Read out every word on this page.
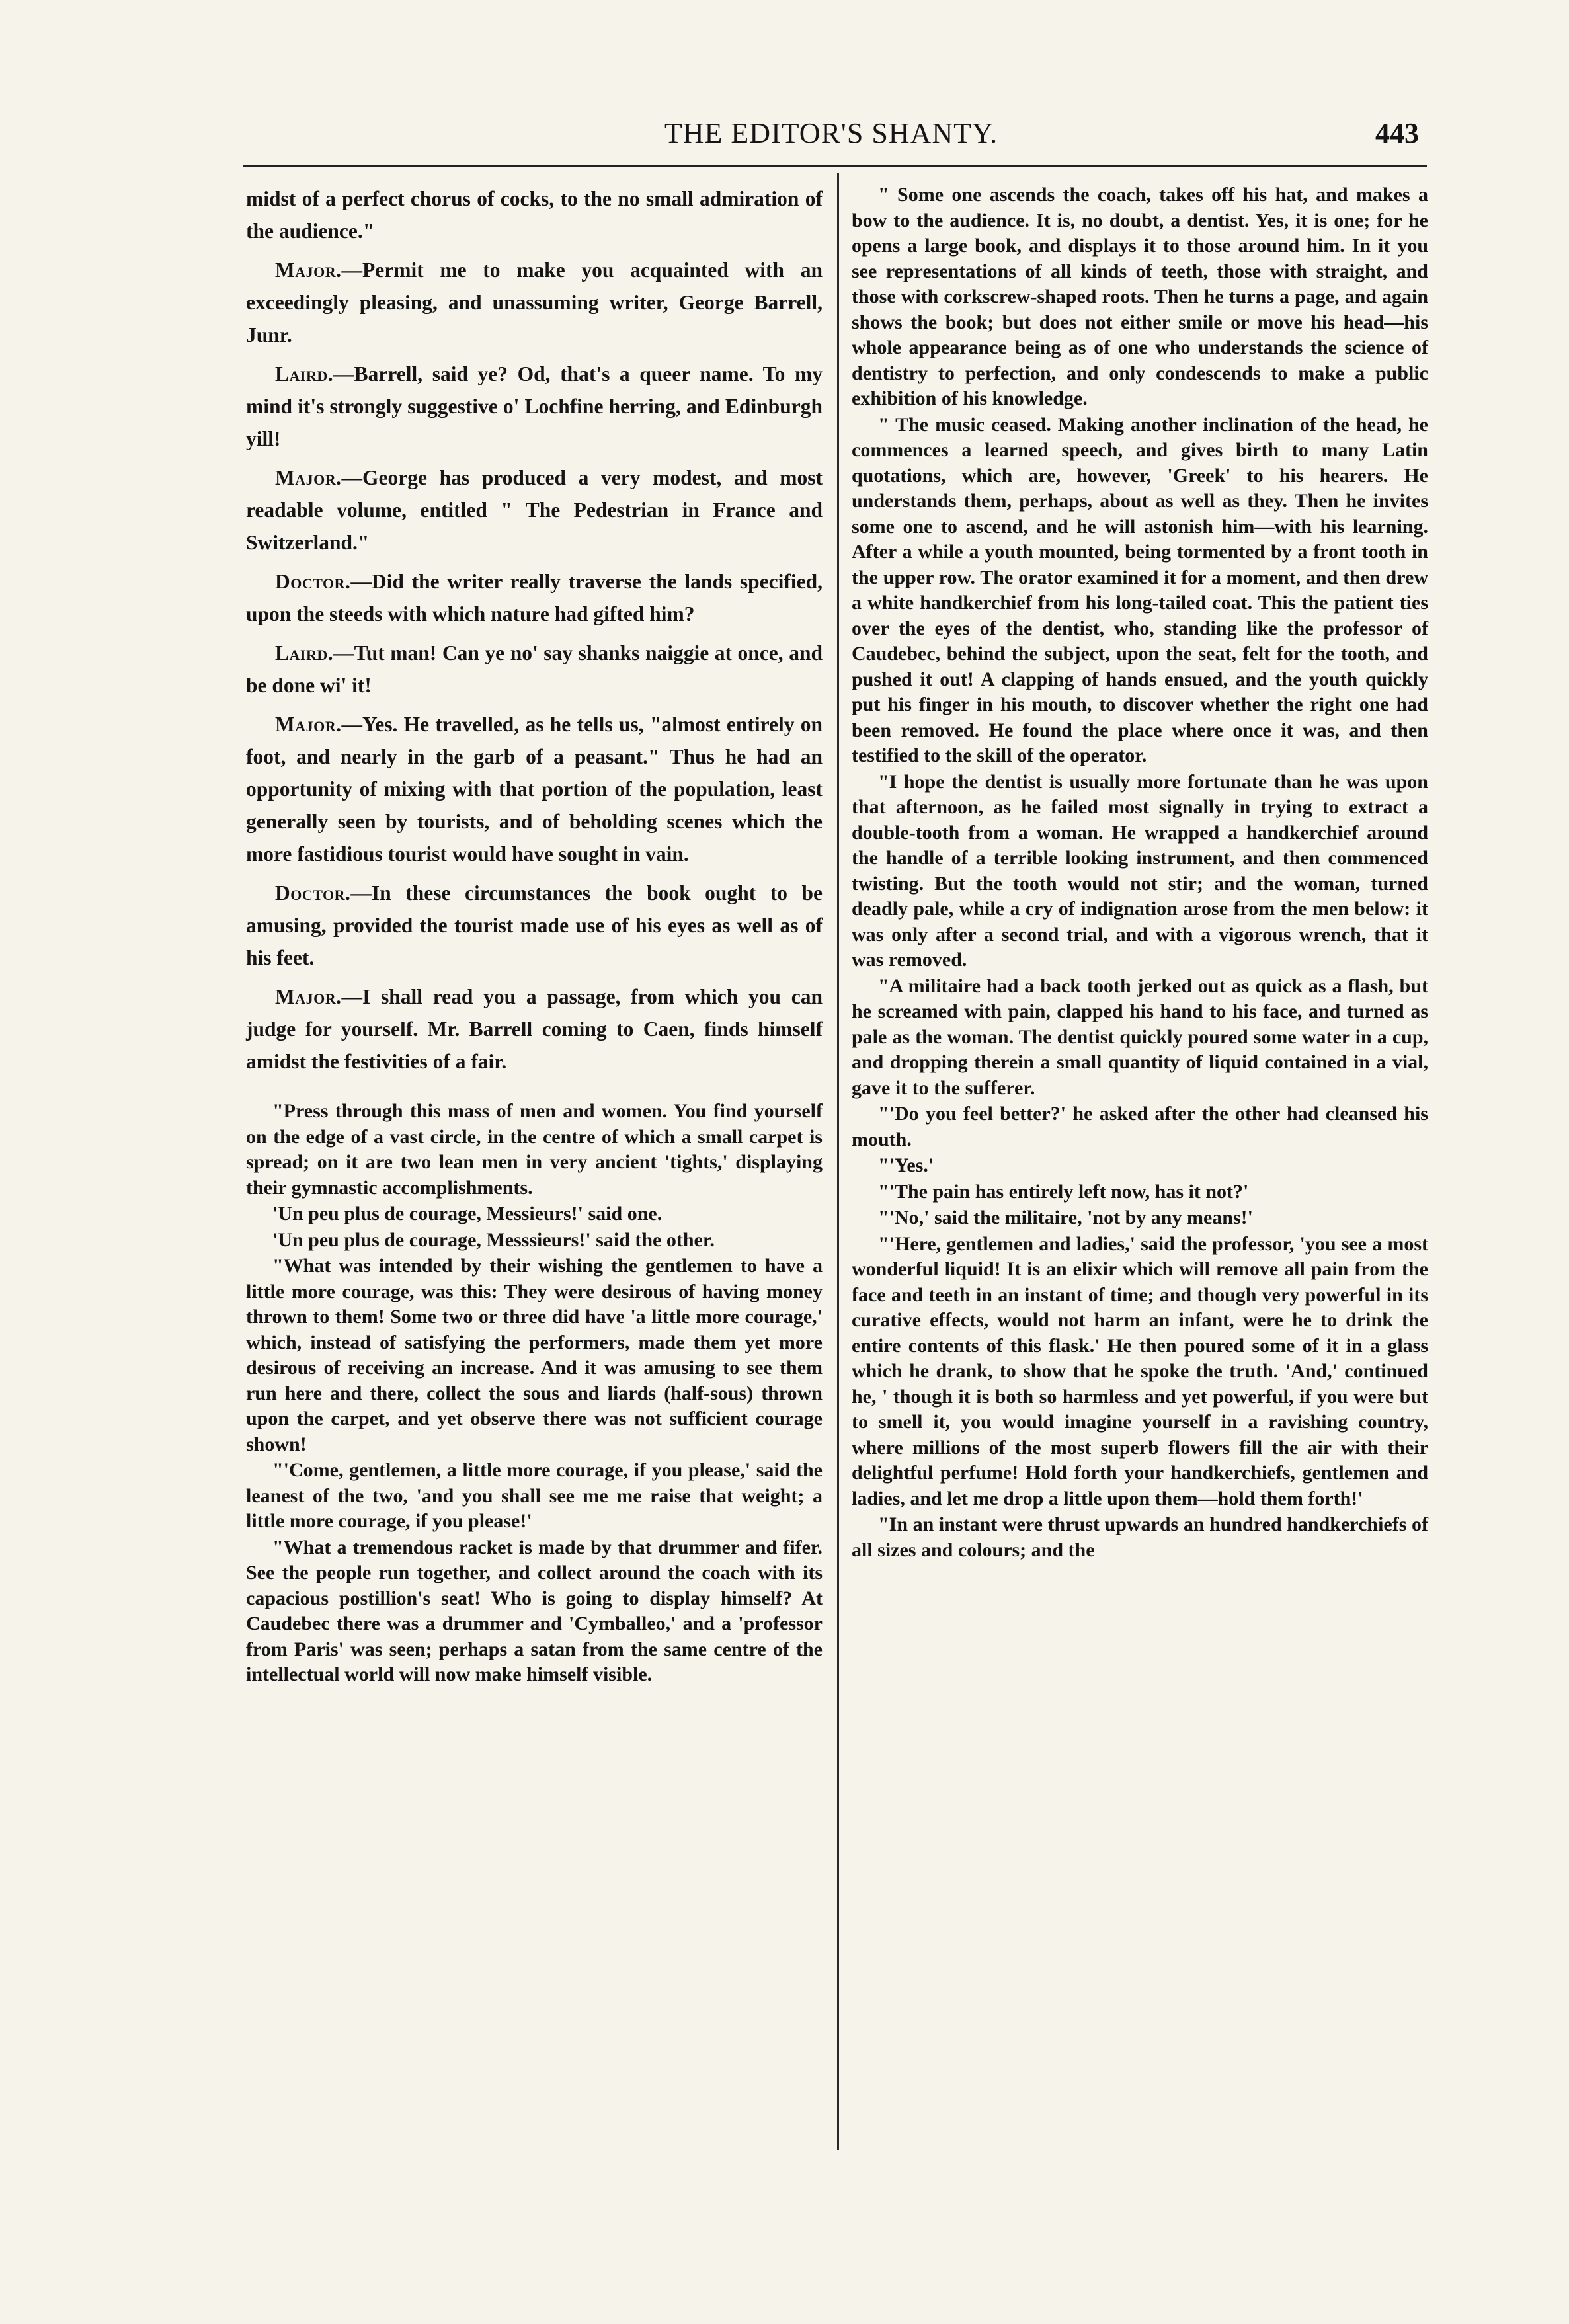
THE EDITOR'S SHANTY.	443

midst of a perfect chorus of cocks, to the no small admiration of the audience."

Major.—Permit me to make you acquainted with an exceedingly pleasing, and unassuming writer, George Barrell, Junr.

Laird.—Barrell, said ye? Od, that's a queer name. To my mind it's strongly suggestive o' Lochfine herring, and Edinburgh yill!

Major.—George has produced a very modest, and most readable volume, entitled " The Pedestrian in France and Switzerland."

Doctor.—Did the writer really traverse the lands specified, upon the steeds with which nature had gifted him?

Laird.—Tut man! Can ye no' say shanks naiggie at once, and be done wi' it!

Major.—Yes. He travelled, as he tells us, "almost entirely on foot, and nearly in the garb of a peasant." Thus he had an opportunity of mixing with that portion of the population, least generally seen by tourists, and of beholding scenes which the more fastidious tourist would have sought in vain.

Doctor.—In these circumstances the book ought to be amusing, provided the tourist made use of his eyes as well as of his feet.

Major.—I shall read you a passage, from which you can judge for yourself. Mr. Barrell coming to Caen, finds himself amidst the festivities of a fair.

"Press through this mass of men and women. You find yourself on the edge of a vast circle, in the centre of which a small carpet is spread; on it are two lean men in very ancient 'tights,' displaying their gymnastic accomplishments.

'Un peu plus de courage, Messieurs!' said one.

'Un peu plus de courage, Messsieurs!' said the other.

"What was intended by their wishing the gentlemen to have a little more courage, was this: They were desirous of having money thrown to them! Some two or three did have 'a little more courage,' which, instead of satisfying the performers, made them yet more desirous of receiving an increase. And it was amusing to see them run here and there, collect the sous and liards (half-sous) thrown upon the carpet, and yet observe there was not sufficient courage shown!

"'Come, gentlemen, a little more courage, if you please,' said the leanest of the two, 'and you shall see me me raise that weight; a little more courage, if you please!'

"What a tremendous racket is made by that drummer and fifer. See the people run together, and collect around the coach with its capacious postillion's seat! Who is going to display himself? At Caudebec there was a drummer and 'Cymballeo,' and a 'professor from Paris' was seen; perhaps a satan from the same centre of the intellectual world will now make himself visible.

" Some one ascends the coach, takes off his hat, and makes a bow to the audience. It is, no doubt, a dentist. Yes, it is one; for he opens a large book, and displays it to those around him. In it you see representations of all kinds of teeth, those with straight, and those with corkscrew-shaped roots. Then he turns a page, and again shows the book; but does not either smile or move his head—his whole appearance being as of one who understands the science of dentistry to perfection, and only condescends to make a public exhibition of his knowledge.

" The music ceased. Making another inclination of the head, he commences a learned speech, and gives birth to many Latin quotations, which are, however, 'Greek' to his hearers. He understands them, perhaps, about as well as they. Then he invites some one to ascend, and he will astonish him—with his learning. After a while a youth mounted, being tormented by a front tooth in the upper row. The orator examined it for a moment, and then drew a white handkerchief from his long-tailed coat. This the patient ties over the eyes of the dentist, who, standing like the professor of Caudebec, behind the subject, upon the seat, felt for the tooth, and pushed it out! A clapping of hands ensued, and the youth quickly put his finger in his mouth, to discover whether the right one had been removed. He found the place where once it was, and then testified to the skill of the operator.

"I hope the dentist is usually more fortunate than he was upon that afternoon, as he failed most signally in trying to extract a double-tooth from a woman. He wrapped a handkerchief around the handle of a terrible looking instrument, and then commenced twisting. But the tooth would not stir; and the woman, turned deadly pale, while a cry of indignation arose from the men below: it was only after a second trial, and with a vigorous wrench, that it was removed.

"A militaire had a back tooth jerked out as quick as a flash, but he screamed with pain, clapped his hand to his face, and turned as pale as the woman. The dentist quickly poured some water in a cup, and dropping therein a small quantity of liquid contained in a vial, gave it to the sufferer.

"'Do you feel better?' he asked after the other had cleansed his mouth.

"'Yes.'

"'The pain has entirely left now, has it not?'

"'No,' said the militaire, 'not by any means!'

"'Here, gentlemen and ladies,' said the professor, 'you see a most wonderful liquid! It is an elixir which will remove all pain from the face and teeth in an instant of time; and though very powerful in its curative effects, would not harm an infant, were he to drink the entire contents of this flask.' He then poured some of it in a glass which he drank, to show that he spoke the truth. 'And,' continued he, ' though it is both so harmless and yet powerful, if you were but to smell it, you would imagine yourself in a ravishing country, where millions of the most superb flowers fill the air with their delightful perfume! Hold forth your handkerchiefs, gentlemen and ladies, and let me drop a little upon them—hold them forth!'

"In an instant were thrust upwards an hundred handkerchiefs of all sizes and colours; and the
